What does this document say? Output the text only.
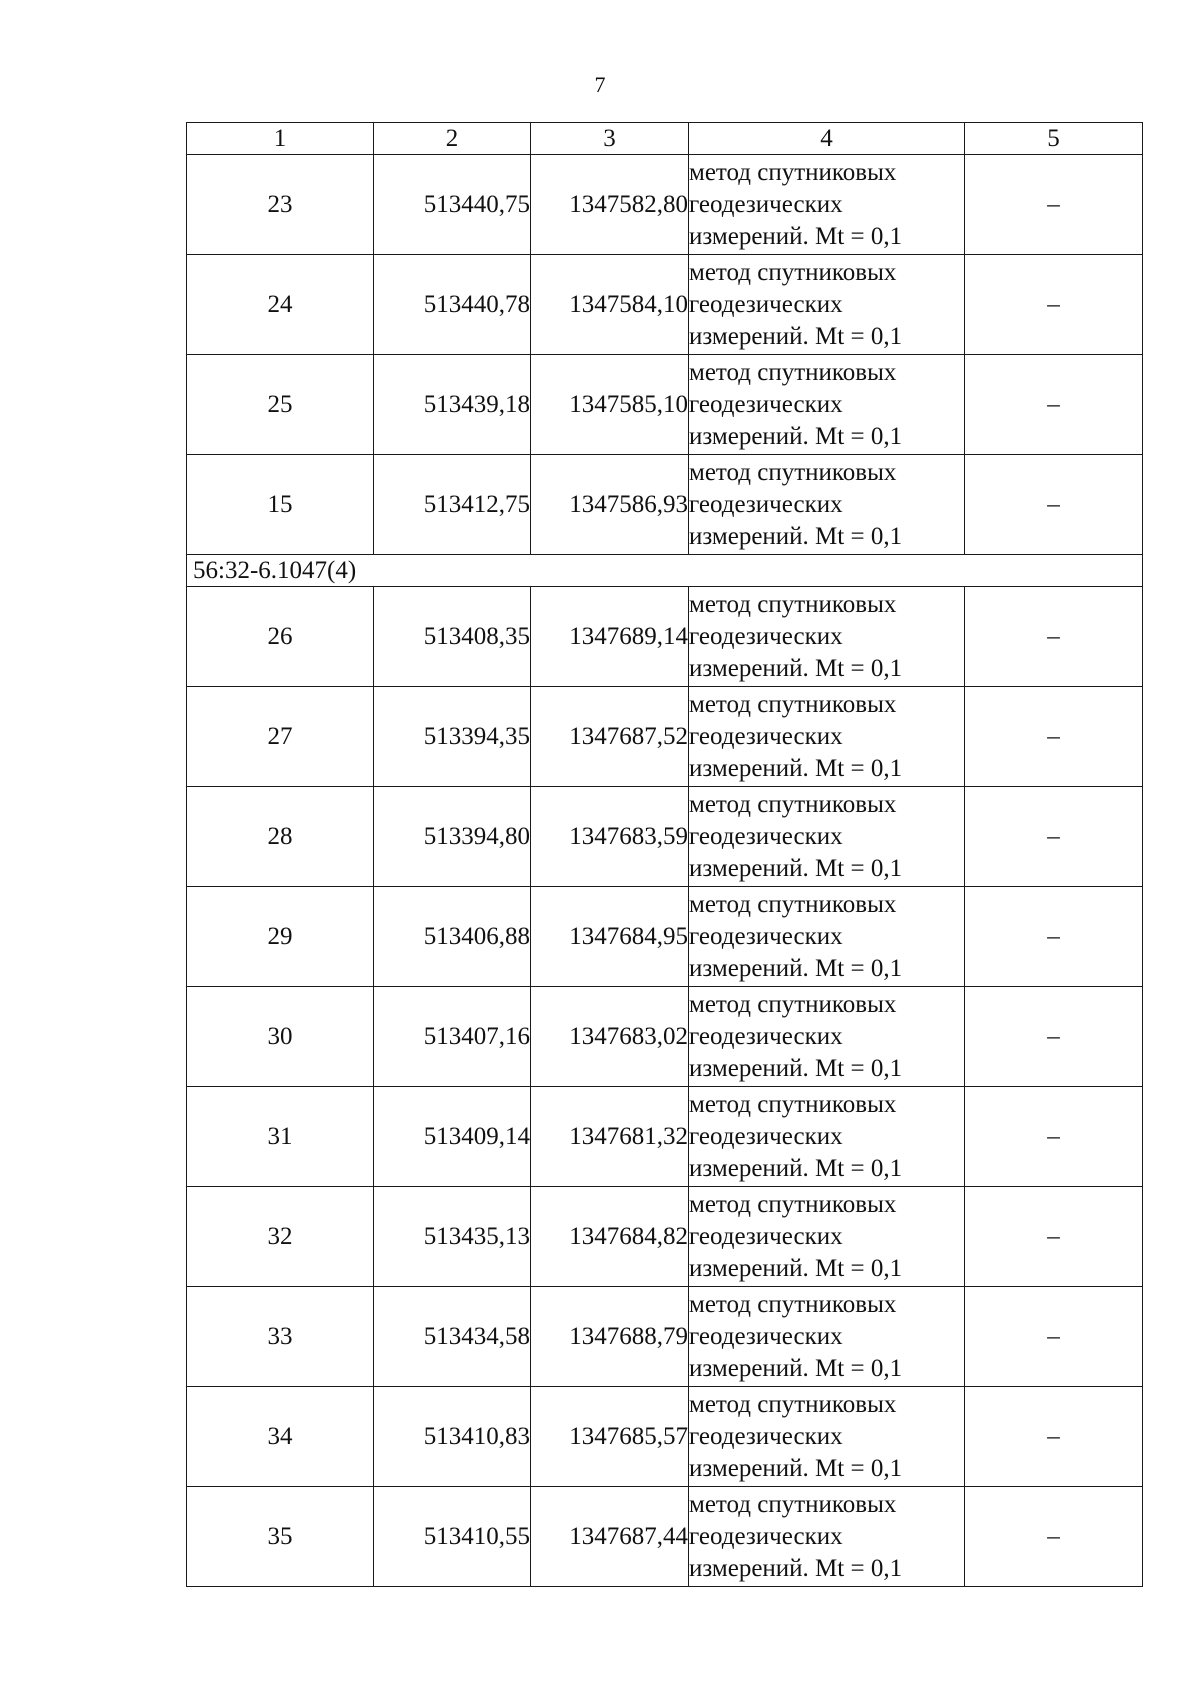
7
1	2	3	4	5
23	513440,75	1347582,80	метод спутниковых
геодезических
измерений. Mt = 0,1	–
24	513440,78	1347584,10	метод спутниковых
геодезических
измерений. Mt = 0,1	–
25	513439,18	1347585,10	метод спутниковых
геодезических
измерений. Mt = 0,1	–
15	513412,75	1347586,93	метод спутниковых
геодезических
измерений. Mt = 0,1	–
56:32-6.1047(4)				
26	513408,35	1347689,14	метод спутниковых
геодезических
измерений. Mt = 0,1	–
27	513394,35	1347687,52	метод спутниковых
геодезических
измерений. Mt = 0,1	–
28	513394,80	1347683,59	метод спутниковых
геодезических
измерений. Mt = 0,1	–
29	513406,88	1347684,95	метод спутниковых
геодезических
измерений. Mt = 0,1	–
30	513407,16	1347683,02	метод спутниковых
геодезических
измерений. Mt = 0,1	–
31	513409,14	1347681,32	метод спутниковых
геодезических
измерений. Mt = 0,1	–
32	513435,13	1347684,82	метод спутниковых
геодезических
измерений. Mt = 0,1	–
33	513434,58	1347688,79	метод спутниковых
геодезических
измерений. Mt = 0,1	–
34	513410,83	1347685,57	метод спутниковых
геодезических
измерений. Mt = 0,1	–
35	513410,55	1347687,44	метод спутниковых
геодезических
измерений. Mt = 0,1	–
